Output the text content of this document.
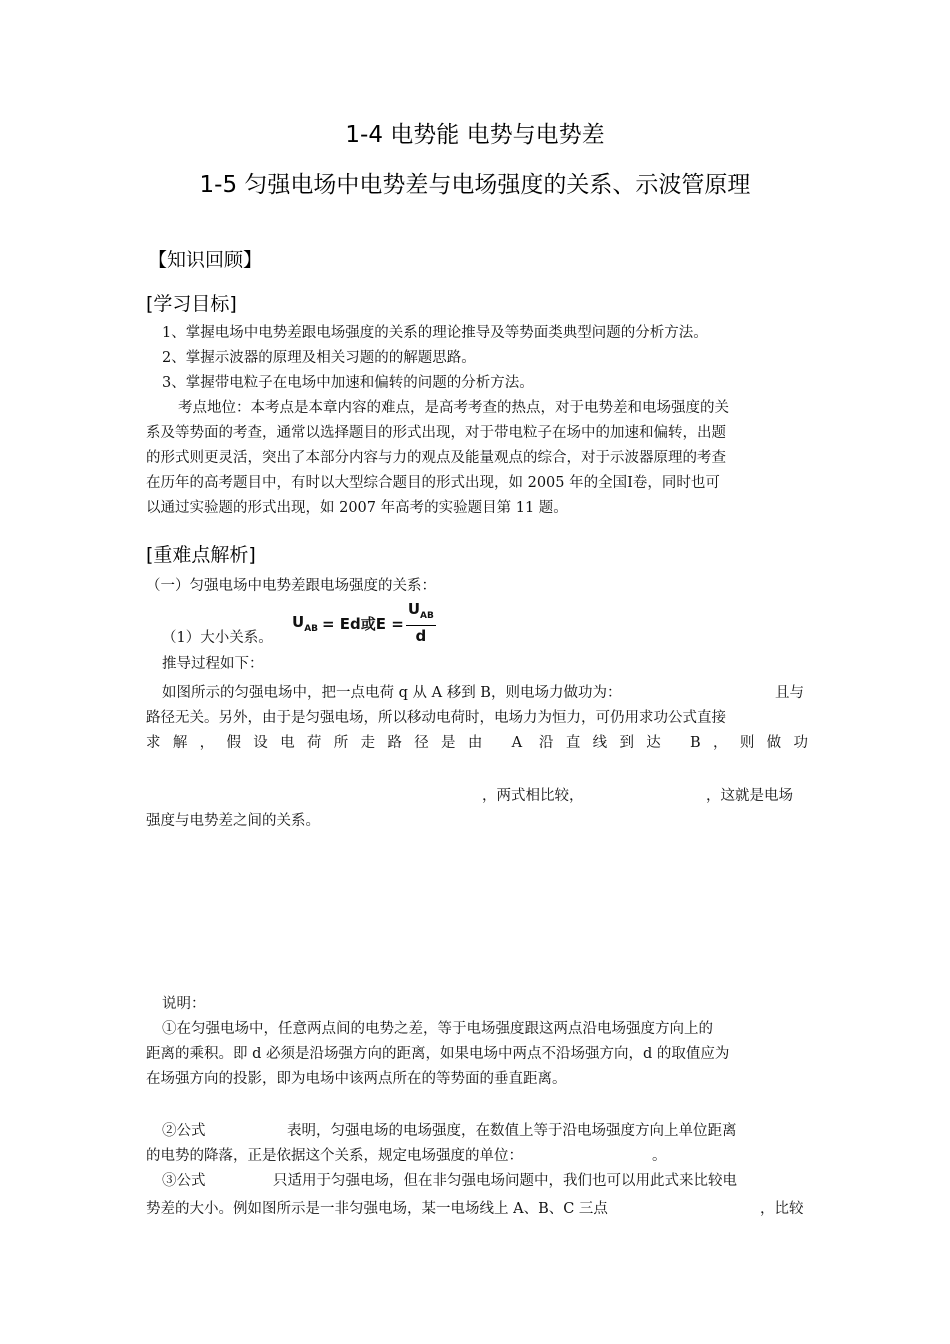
1-4 电势能 电势与电势差
1-5 匀强电场中电势差与电场强度的关系、示波管原理
【知识回顾】
[学习目标]
1、掌握电场中电势差跟电场强度的关系的理论推导及等势面类典型问题的分析方法。
2、掌握示波器的原理及相关习题的的解题思路。
3、掌握带电粒子在电场中加速和偏转的问题的分析方法。
考点地位：本考点是本章内容的难点，是高考考查的热点，对于电势差和电场强度的关
系及等势面的考查，通常以选择题目的形式出现，对于带电粒子在场中的加速和偏转，出题
的形式则更灵活，突出了本部分内容与力的观点及能量观点的综合，对于示波器原理的考查
在历年的高考题目中，有时以大型综合题目的形式出现，如 2005 年的全国Ⅰ卷，同时也可
以通过实验题的形式出现，如 2007 年高考的实验题目第 11 题。
[重难点解析]
（一）匀强电场中电势差跟电场强度的关系：
$U_{AB} = Ed$或$E = \frac{U_{AB}}{d}$
（1）大小关系。
推导过程如下：
如图所示的匀强电场中，把一点电荷 q 从 A 移到 B，则电场力做功为：	且与
路径无关。另外，由于是匀强电场，所以移动电荷时，电场力为恒力，可仍用求功公式直接
求解，假设电荷所走路径是由 A 沿直线到达 B，则做功
，两式相比较，	，这就是电场
强度与电势差之间的关系。
说明：
①在匀强电场中，任意两点间的电势之差，等于电场强度跟这两点沿电场强度方向上的
距离的乘积。即 d 必须是沿场强方向的距离，如果电场中两点不沿场强方向，d 的取值应为
在场强方向的投影，即为电场中该两点所在的等势面的垂直距离。
②公式	表明，匀强电场的电场强度，在数值上等于沿电场强度方向上单位距离
的电势的降落，正是依据这个关系，规定电场强度的单位：	。
③公式	只适用于匀强电场，但在非匀强电场问题中，我们也可以用此式来比较电
势差的大小。例如图所示是一非匀强电场，某一电场线上 A、B、C 三点	，比较
